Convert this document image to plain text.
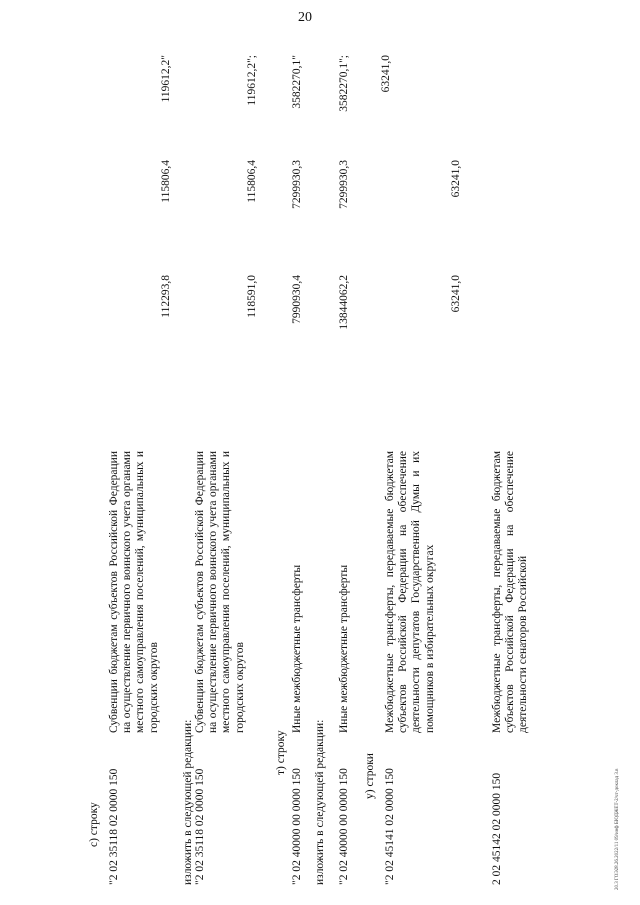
20
20.3 ГОЭ28.26.2022/11 09/инф БЮДЖЕТ-2/чт-доклад 3.в
с) строку "2 02 35118 02 0000 150
Субвенции бюджетам субъектов Российской Федерации на осуществление первичного воинского учета органами местного самоуправления поселений, муниципальных и городских округов
112293,8
115806,4
119612,2"
изложить в следующей редакции: "2 02 35118 02 0000 150
Субвенции бюджетам субъектов Российской Федерации на осуществление первичного воинского учета органами местного самоуправления поселений, муниципальных и городских округов
118591,0
115806,4
119612,2";
т) строку
"2 02 40000 00 0000 150
Иные межбюджетные трансферты
7990930,4
7299930,3
3582270,1"
изложить в следующей редакции: "2 02 40000 00 0000 150
Иные межбюджетные трансферты
13844062,2
7299930,3
3582270,1";
у) строки "2 02 45141 02 0000 150
Межбюджетные трансферты, передаваемые бюджетам субъектов Российской Федерации на обеспечение деятельности депутатов Государственной Думы и их помощников в избирательных округах
63241,0
63241,0
63241,0
2 02 45142 02 0000 150
Межбюджетные трансферты, передаваемые бюджетам субъектов Российской Федерации на обеспечение деятельности сенаторов Российской
